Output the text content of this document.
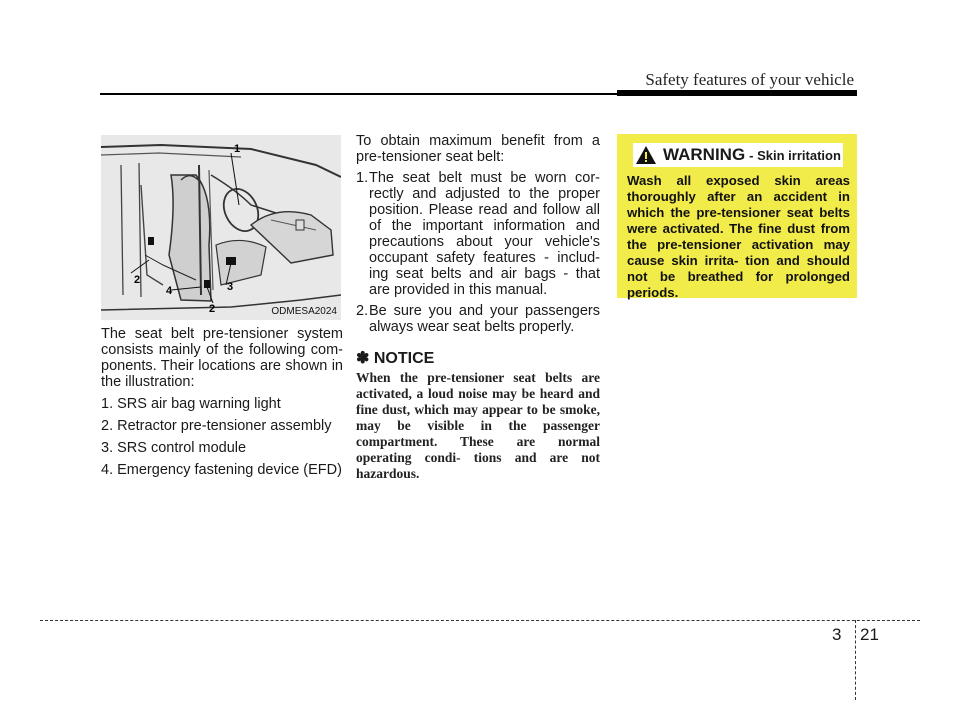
Safety features of your vehicle
1
2
4	3
2	ODMESA2024

The seat belt pre-tensioner system consists mainly of the following com- ponents. Their locations are shown in the illustration:

1. SRS air bag warning light

2. Retractor pre-tensioner assembly

3. SRS control module

4. Emergency fastening device (EFD)

To obtain maximum benefit from a pre-tensioner seat belt:

1. The seat belt must be worn cor- rectly and adjusted to the proper position. Please read and follow all of the important information and precautions about your vehicle's occupant safety features - includ- ing seat belts and air bags - that are provided in this manual.
2. Be sure you and your passengers always wear seat belts properly.
✽ NOTICE
When the pre-tensioner seat belts are activated, a loud noise may be heard and fine dust, which may appear to be smoke, may be visible in the passenger compartment. These are normal operating condi- tions and are not hazardous.
WARNING - Skin irritation
Wash all exposed skin areas thoroughly after an accident in which the pre-tensioner seat belts were activated. The fine dust from the pre-tensioner activation may cause skin irrita- tion and should not be breathed for prolonged periods.
3 21
